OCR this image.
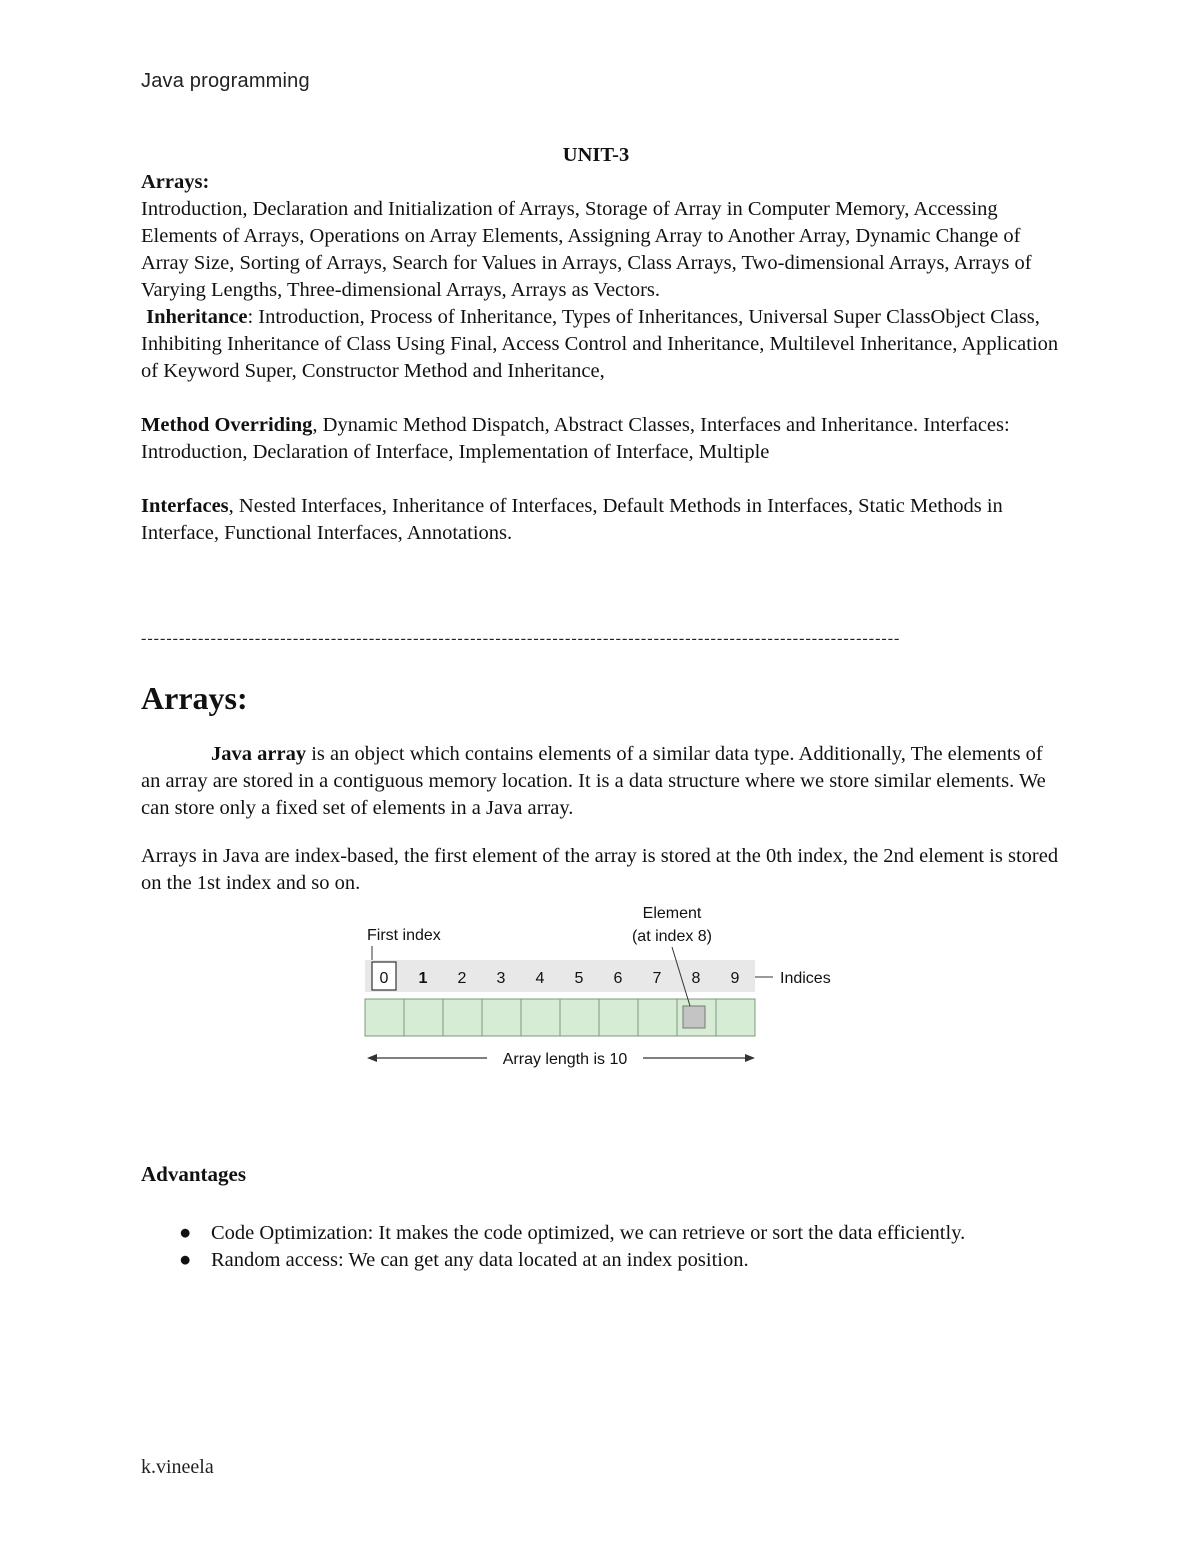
Java programming
UNIT-3
Arrays:

Introduction, Declaration and Initialization of Arrays, Storage of Array in Computer Memory, Accessing Elements of Arrays, Operations on Array Elements, Assigning Array to Another Array, Dynamic Change of Array Size, Sorting of Arrays, Search for Values in Arrays, Class Arrays, Two-dimensional Arrays, Arrays of Varying Lengths, Three-dimensional Arrays, Arrays as Vectors.

Inheritance: Introduction, Process of Inheritance, Types of Inheritances, Universal Super ClassObject Class, Inhibiting Inheritance of Class Using Final, Access Control and Inheritance, Multilevel Inheritance, Application of Keyword Super, Constructor Method and Inheritance,

Method Overriding, Dynamic Method Dispatch, Abstract Classes, Interfaces and Inheritance. Interfaces: Introduction, Declaration of Interface, Implementation of Interface, Multiple

Interfaces, Nested Interfaces, Inheritance of Interfaces, Default Methods in Interfaces, Static Methods in Interface, Functional Interfaces, Annotations.

------------------------------------------------------------------------------------------------------------------------
Arrays:

Java array is an object which contains elements of a similar data type. Additionally, The elements of an array are stored in a contiguous memory location. It is a data structure where we store similar elements. We can store only a fixed set of elements in a Java array.

Arrays in Java are index-based, the first element of the array is stored at the 0th index, the 2nd element is stored on the 1st index and so on.

First index
Element
(at index 8)
0 1 2 3 4 5 6 7 8 9	Indices
Array length is 10
Advantages
● Code Optimization: It makes the code optimized, we can retrieve or sort the data efficiently.
● Random access: We can get any data located at an index position.
k.vineela
